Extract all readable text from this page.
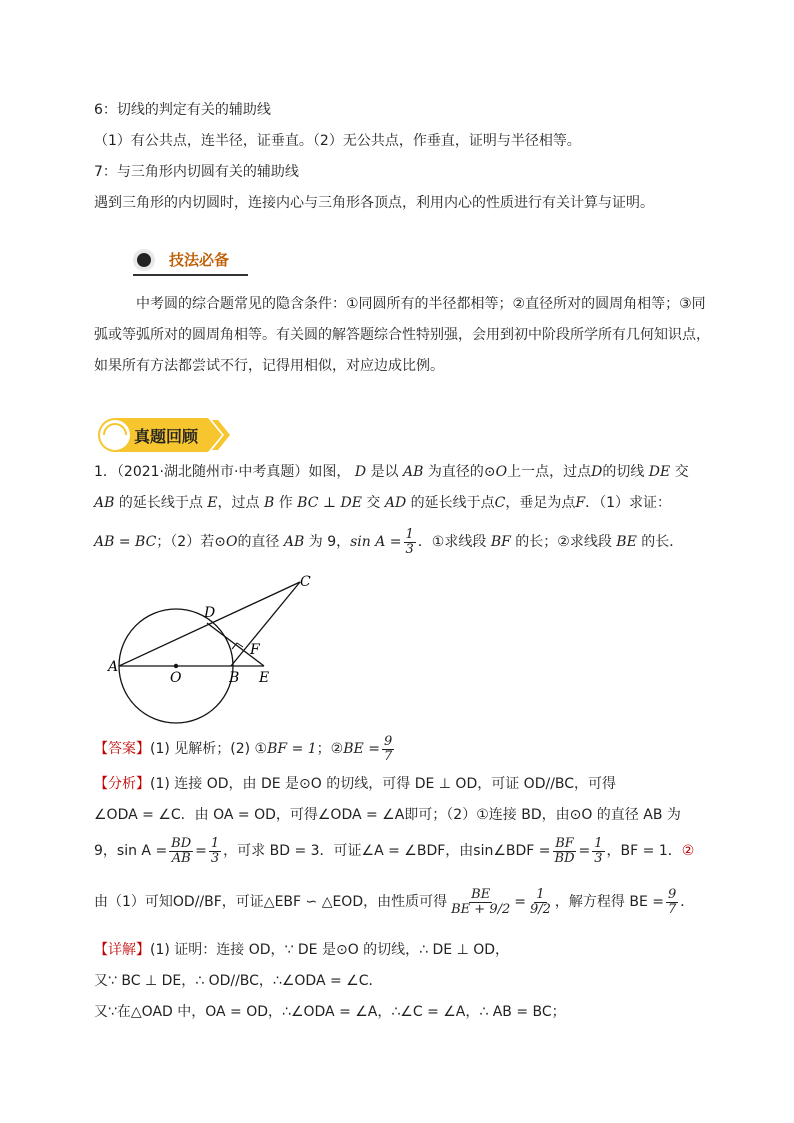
6：切线的判定有关的辅助线
（1）有公共点，连半径，证垂直。（2）无公共点，作垂直，证明与半径相等。
7：与三角形内切圆有关的辅助线
遇到三角形的内切圆时，连接内心与三角形各顶点，利用内心的性质进行有关计算与证明。
技法必备
中考圆的综合题常见的隐含条件：①同圆所有的半径都相等；②直径所对的圆周角相等；③同
弧或等弧所对的圆周角相等。有关圆的解答题综合性特别强，会用到初中阶段所学所有几何知识点，
如果所有方法都尝试不行，记得用相似，对应边成比例。
真题回顾
1．（2021·湖北随州市·中考真题）如图， D 是以 AB 为直径的⊙O上一点，过点D的切线 DE 交
AB 的延长线于点 E，过点 B 作 BC ⊥ DE 交 AD 的延长线于点C，垂足为点F．（1）求证：
AB = BC；（2）若⊙O的直径 AB 为 9，$\sin A = \frac{1}{3}$ ．①求线段 BF 的长；②求线段 BE 的长．
A
O	B E
D
F
C
【答案】(1) 见解析；(2) ①BF = 1；②BE = $\frac{9}{7}$
【分析】(1) 连接 OD，由 DE 是⊙O 的切线，可得 DE ⊥ OD，可证 OD//BC，可得
∠ODA = ∠C．由 OA = OD，可得∠ODA = ∠A即可；（2）①连接 BD，由⊙O 的直径 AB 为
9，$\sin A = \frac{BD}{AB} = \frac{1}{3}$ ，可求 BD = 3．可证∠A = ∠BDF，由sin∠BDF = $\frac{BF}{BD} = \frac{1}{3}$ ，BF = 1．②
由（1）可知OD//BF，可证△EBF ∽ △EOD，由性质可得 $\frac{BE}{BE + 9/2} = \frac{1}{9/2}$ ，解方程得 BE = $\frac{9}{7}$ ．
【详解】(1) 证明：连接 OD，∵ DE 是⊙O 的切线，∴ DE ⊥ OD，
又∵ BC ⊥ DE，∴ OD//BC，∴∠ODA = ∠C．
又∵在△OAD 中，OA = OD，∴∠ODA = ∠A，∴∠C = ∠A，∴ AB = BC；
